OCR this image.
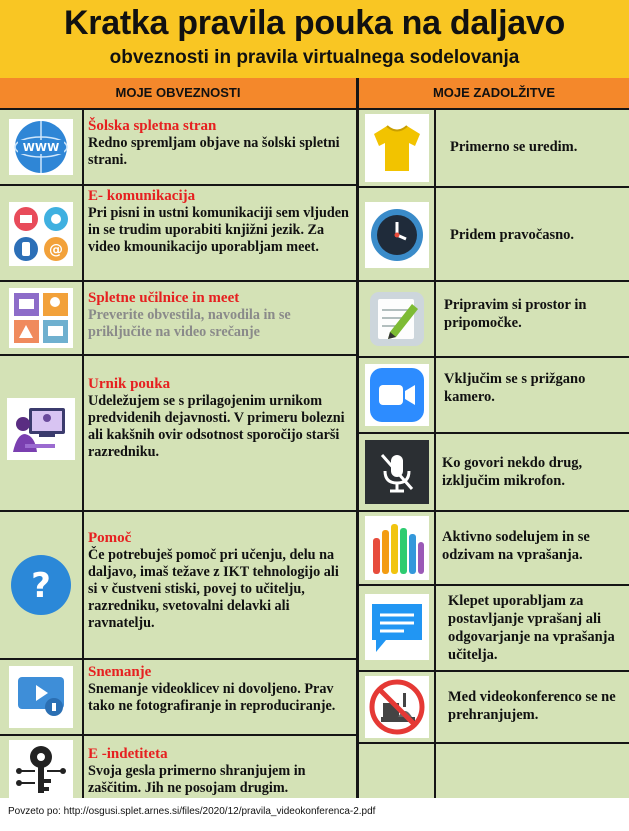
Kratka pravila pouka na daljavo
obveznosti in pravila virtualnega sodelovanja
MOJE OBVEZNOSTI	MOJE ZADOLŽITVE
WWW
@
?
Šolska spletna stran
Redno spremljam objave na šolski spletni strani.
E- komunikacija
Pri pisni in ustni komunikaciji sem vljuden in se trudim uporabiti knjižni jezik. Za video kmounikacijo uporabljam meet.
Spletne učilnice in meet
Preverite obvestila, navodila in se priključite na video srečanje
Urnik pouka
Udeležujem se s prilagojenim urnikom predvidenih dejavnosti. V primeru bolezni ali kakšnih ovir odsotnost sporočijo starši razredniku.
Pomoč
Če potrebuješ pomoč pri učenju, delu na daljavo, imaš težave z IKT tehnologijo ali si v čustveni stiski, povej to učitelju, razredniku, svetovalni delavki ali ravnatelju.
Snemanje
Snemanje videoklicev ni dovoljeno. Prav tako ne fotografiranje in reproduciranje.
E -indetiteta
Svoja gesla primerno shranjujem in zaščitim. Jih ne posojam drugim.
Primerno se uredim.
Pridem pravočasno.
Pripravim si prostor in pripomočke.
Vključim se s prižgano kamero.
Ko govori nekdo drug, izključim mikrofon.
Aktivno sodelujem in se odzivam na vprašanja.
Klepet uporabljam za postavljanje vprašanj ali odgovarjanje na vprašanja učitelja.
Med videokonferenco se ne prehranjujem.
Povzeto po: http://osgusi.splet.arnes.si/files/2020/12/pravila_videokonferenca-2.pdf
